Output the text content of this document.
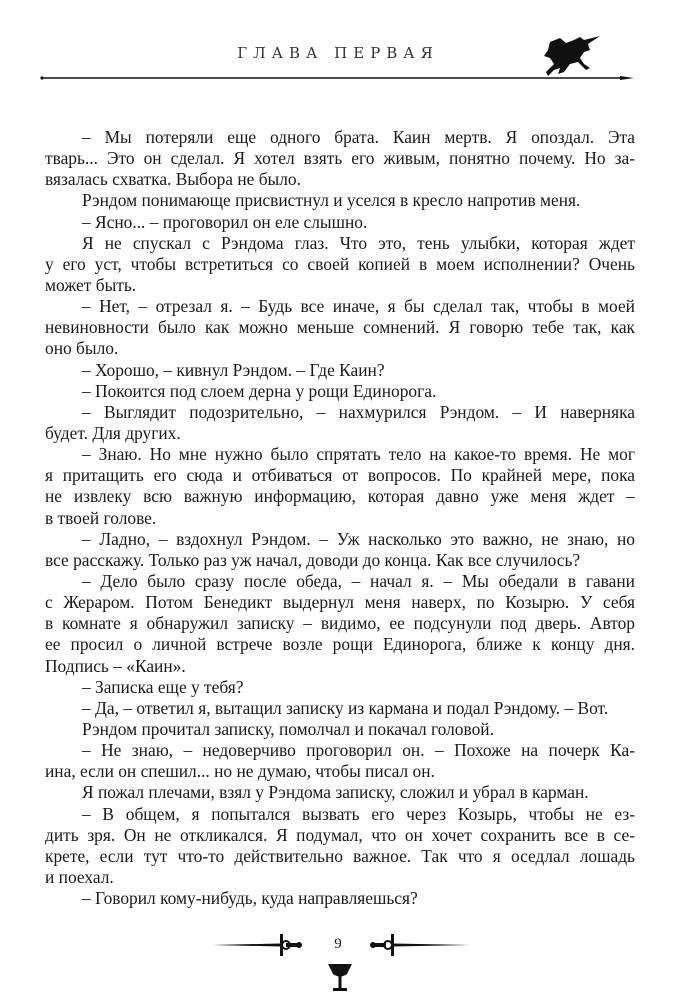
ГЛАВА ПЕРВАЯ
– Мы потеряли еще одного брата. Каин мертв. Я опоздал. Эта
тварь... Это он сделал. Я хотел взять его живым, понятно почему. Но за-
вязалась схватка. Выбора не было.
Рэндом понимающе присвистнул и уселся в кресло напротив меня.
– Ясно... – проговорил он еле слышно.
Я не спускал с Рэндома глаз. Что это, тень улыбки, которая ждет
у его уст, чтобы встретиться со своей копией в моем исполнении? Очень
может быть.
– Нет, – отрезал я. – Будь все иначе, я бы сделал так, чтобы в моей
невиновности было как можно меньше сомнений. Я говорю тебе так, как
оно было.
– Хорошо, – кивнул Рэндом. – Где Каин?
– Покоится под слоем дерна у рощи Единорога.
– Выглядит подозрительно, – нахмурился Рэндом. – И наверняка
будет. Для других.
– Знаю. Но мне нужно было спрятать тело на какое-то время. Не мог
я притащить его сюда и отбиваться от вопросов. По крайней мере, пока
не извлеку всю важную информацию, которая давно уже меня ждет –
в твоей голове.
– Ладно, – вздохнул Рэндом. – Уж насколько это важно, не знаю, но
все расскажу. Только раз уж начал, доводи до конца. Как все случилось?
– Дело было сразу после обеда, – начал я. – Мы обедали в гавани
с Жераром. Потом Бенедикт выдернул меня наверх, по Козырю. У себя
в комнате я обнаружил записку – видимо, ее подсунули под дверь. Автор
ее просил о личной встрече возле рощи Единорога, ближе к концу дня.
Подпись – «Каин».
– Записка еще у тебя?
– Да, – ответил я, вытащил записку из кармана и подал Рэндому. – Вот.
Рэндом прочитал записку, помолчал и покачал головой.
– Не знаю, – недоверчиво проговорил он. – Похоже на почерк Ка-
ина, если он спешил... но не думаю, чтобы писал он.
Я пожал плечами, взял у Рэндома записку, сложил и убрал в карман.
– В общем, я попытался вызвать его через Козырь, чтобы не ез-
дить зря. Он не откликался. Я подумал, что он хочет сохранить все в се-
крете, если тут что-то действительно важное. Так что я оседлал лошадь
и поехал.
– Говорил кому-нибудь, куда направляешься?
9
